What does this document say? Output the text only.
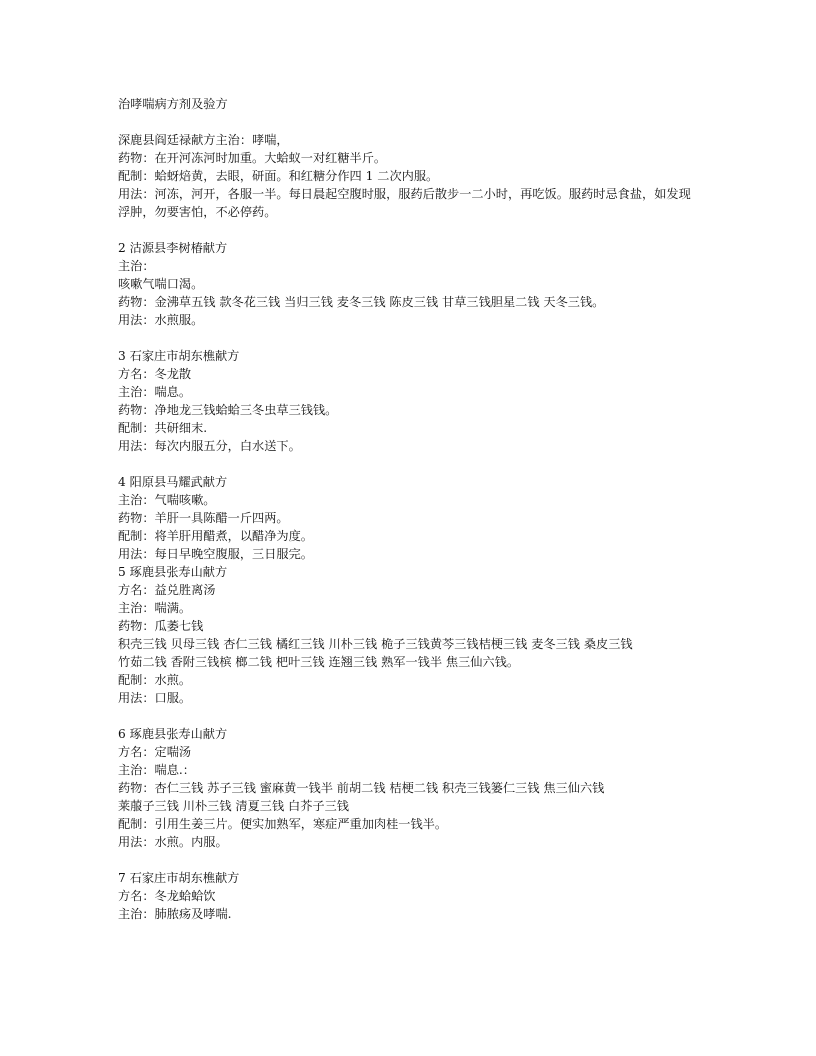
治哮喘病方剂及验方
深鹿县阎廷禄献方主治：哮喘，
药物：在开河冻河时加重。大蛤蚁一对红糖半斤。
配制：蛤蚜焙黄，去眼，研面。和红糖分作四 1 二次内服。
用法：河冻，河开，各服一半。每日晨起空腹时服，服药后散步一二小时，再吃饭。服药时忌食盐，如发现浮肿，勿要害怕，不必停药。
2 沽源县李树椿献方
主治：
咳嗽气喘口渴。
药物：金沸草五钱 款冬花三钱 当归三钱 麦冬三钱 陈皮三钱 甘草三钱胆星二钱 天冬三钱。
用法：水煎服。
3 石家庄市胡东樵献方
方名：冬龙散
主治：喘息。
药物：净地龙三钱蛤蛤三冬虫草三钱钱。
配制：共研细末.
用法：每次内服五分，白水送下。
4 阳原县马耀武献方
主治：气喘咳嗽。
药物：羊肝一具陈醋一斤四两。
配制：将羊肝用醋煮，以醋净为度。
用法：每日早晚空腹服，三日服完。
5 琢鹿县张寿山献方
方名：益兑胜离汤
主治：喘满。
药物：瓜萎七钱
积壳三钱 贝母三钱 杏仁三钱 橘红三钱 川朴三钱 桅子三钱黄芩三钱桔梗三钱 麦冬三钱 桑皮三钱
竹茹二钱 香附三钱槟 榔二钱 杷叶三钱 连翘三钱 熟军一钱半 焦三仙六钱。
配制：水煎。
用法：口服。
6 琢鹿县张寿山献方
方名：定喘汤
主治：喘息.：
药物：杏仁三钱 苏子三钱 蜜麻黄一钱半 前胡二钱 桔梗二钱 积壳三钱篓仁三钱 焦三仙六钱
莱菔子三钱 川朴三钱 清夏三钱 白芥子三钱
配制：引用生姜三片。便实加熟军，寒症严重加肉桂一钱半。
用法：水煎。内服。
7 石家庄市胡东樵献方
方名：冬龙蛤蛤饮
主治：肺脓疡及哮喘.
